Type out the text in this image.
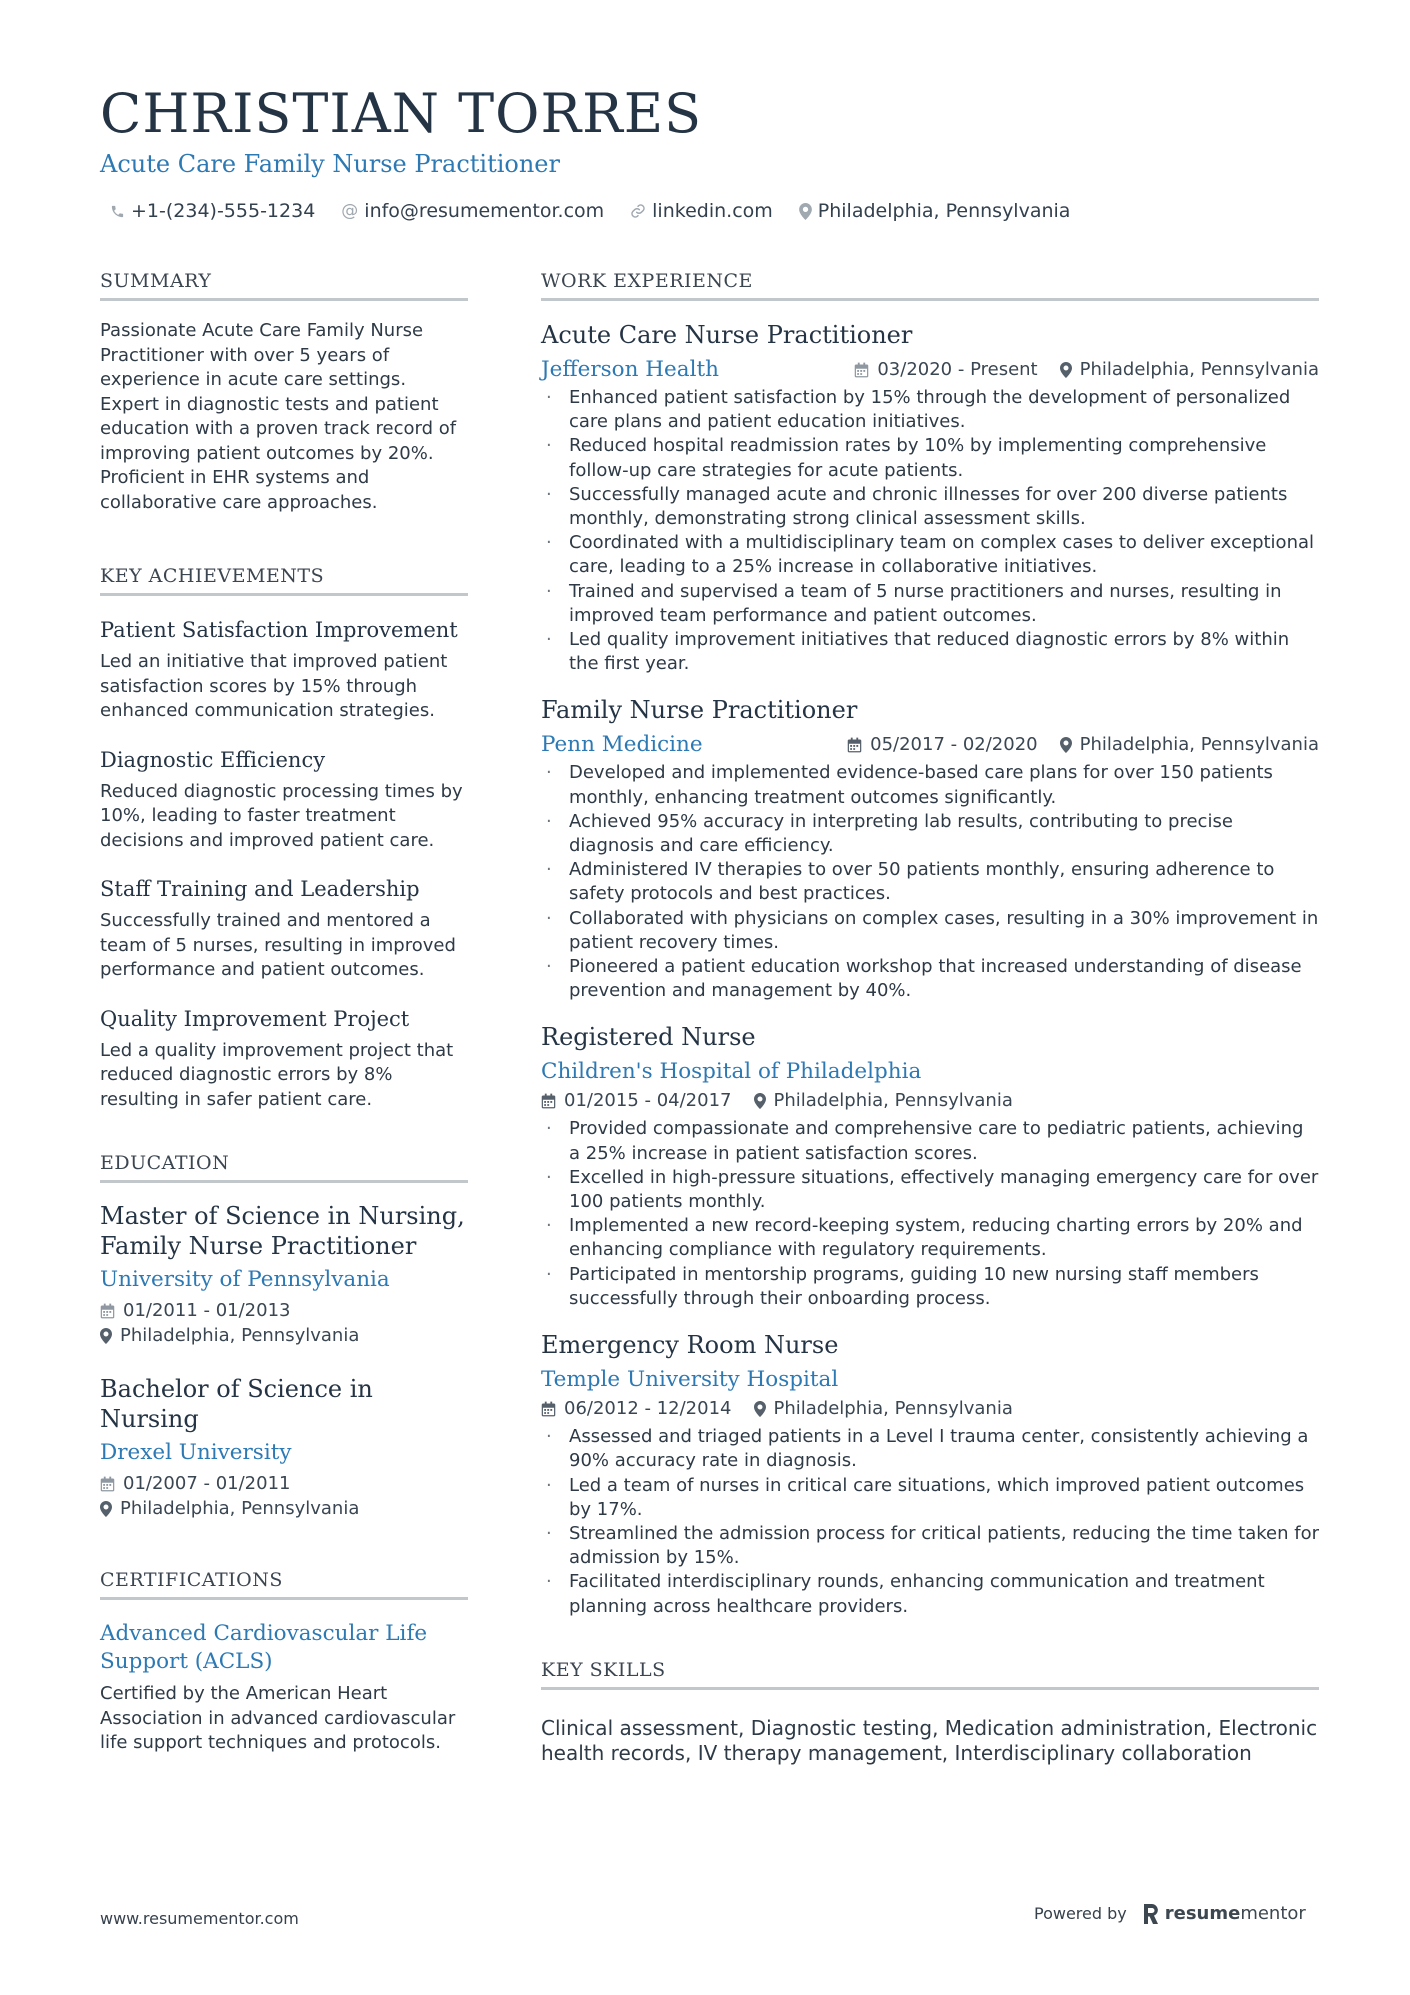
CHRISTIAN TORRES
Acute Care Family Nurse Practitioner
+1-(234)-555-1234 @ info@resumementor.com	linkedin.com Philadelphia, Pennsylvania
SUMMARY
Passionate Acute Care Family Nurse Practitioner with over 5 years of experience in acute care settings. Expert in diagnostic tests and patient education with a proven track record of improving patient outcomes by 20%. Proficient in EHR systems and collaborative care approaches.
KEY ACHIEVEMENTS
Patient Satisfaction Improvement
Led an initiative that improved patient satisfaction scores by 15% through enhanced communication strategies.
Diagnostic Efficiency
Reduced diagnostic processing times by 10%, leading to faster treatment decisions and improved patient care.
Staff Training and Leadership
Successfully trained and mentored a team of 5 nurses, resulting in improved performance and patient outcomes.
Quality Improvement Project
Led a quality improvement project that reduced diagnostic errors by 8% resulting in safer patient care.
EDUCATION
Master of Science in Nursing, Family Nurse Practitioner
University of Pennsylvania
01/2011 - 01/2013
Philadelphia, Pennsylvania
Bachelor of Science in Nursing
Drexel University
01/2007 - 01/2011
Philadelphia, Pennsylvania
CERTIFICATIONS
Advanced Cardiovascular Life Support (ACLS)
Certified by the American Heart Association in advanced cardiovascular life support techniques and protocols.
WORK EXPERIENCE
Acute Care Nurse Practitioner
Jefferson Health	03/2020 - Present Philadelphia, Pennsylvania
· Enhanced patient satisfaction by 15% through the development of personalized care plans and patient education initiatives.
· Reduced hospital readmission rates by 10% by implementing comprehensive follow-up care strategies for acute patients.
· Successfully managed acute and chronic illnesses for over 200 diverse patients monthly, demonstrating strong clinical assessment skills.
· Coordinated with a multidisciplinary team on complex cases to deliver exceptional care, leading to a 25% increase in collaborative initiatives.
· Trained and supervised a team of 5 nurse practitioners and nurses, resulting in improved team performance and patient outcomes.
· Led quality improvement initiatives that reduced diagnostic errors by 8% within the first year.
Family Nurse Practitioner
Penn Medicine	05/2017 - 02/2020 Philadelphia, Pennsylvania
· Developed and implemented evidence-based care plans for over 150 patients monthly, enhancing treatment outcomes significantly.
· Achieved 95% accuracy in interpreting lab results, contributing to precise diagnosis and care efficiency.
· Administered IV therapies to over 50 patients monthly, ensuring adherence to safety protocols and best practices.
· Collaborated with physicians on complex cases, resulting in a 30% improvement in patient recovery times.
· Pioneered a patient education workshop that increased understanding of disease prevention and management by 40%.
Registered Nurse
Children's Hospital of Philadelphia
01/2015 - 04/2017 Philadelphia, Pennsylvania
· Provided compassionate and comprehensive care to pediatric patients, achieving a 25% increase in patient satisfaction scores.
· Excelled in high-pressure situations, effectively managing emergency care for over 100 patients monthly.
· Implemented a new record-keeping system, reducing charting errors by 20% and enhancing compliance with regulatory requirements.
· Participated in mentorship programs, guiding 10 new nursing staff members successfully through their onboarding process.
Emergency Room Nurse
Temple University Hospital
06/2012 - 12/2014 Philadelphia, Pennsylvania
· Assessed and triaged patients in a Level I trauma center, consistently achieving a 90% accuracy rate in diagnosis.
· Led a team of nurses in critical care situations, which improved patient outcomes by 17%.
· Streamlined the admission process for critical patients, reducing the time taken for admission by 15%.
· Facilitated interdisciplinary rounds, enhancing communication and treatment planning across healthcare providers.
KEY SKILLS
Clinical assessment, Diagnostic testing, Medication administration, Electronic health records, IV therapy management, Interdisciplinary collaboration
www.resumementor.com	Powered by resumementor
